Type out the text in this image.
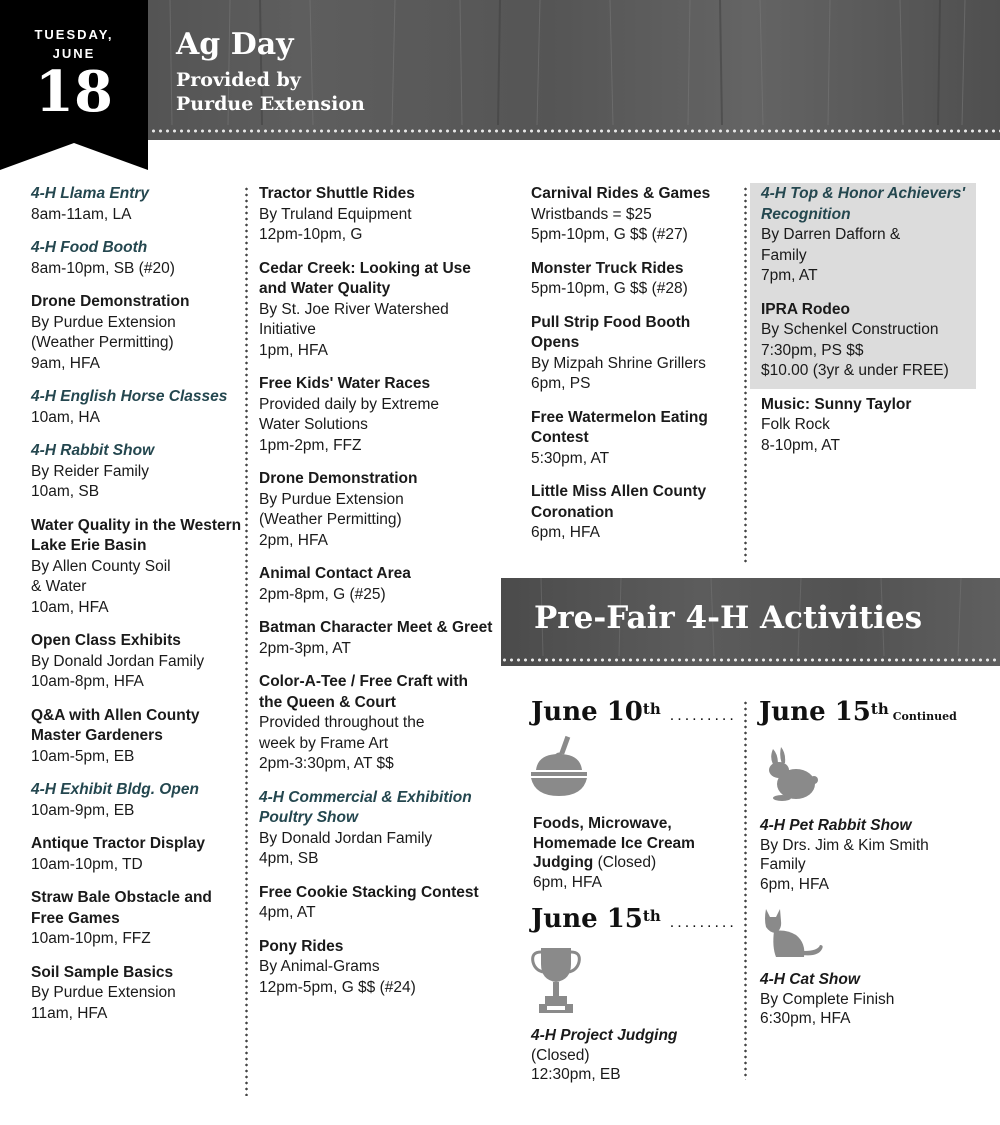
Ag Day
Provided by
Purdue Extension
TUESDAY,
JUNE
18
4-H Llama Entry
8am-11am, LA
4-H Food Booth
8am-10pm, SB (#20)
Drone Demonstration
By Purdue Extension
(Weather Permitting)
9am, HFA
4-H English Horse Classes
10am, HA
4-H Rabbit Show
By Reider Family
10am, SB
Water Quality in the Western Lake Erie Basin
By Allen County Soil
& Water
10am, HFA
Open Class Exhibits
By Donald Jordan Family
10am-8pm, HFA
Q&A with Allen County Master Gardeners
10am-5pm, EB
4-H Exhibit Bldg. Open
10am-9pm, EB
Antique Tractor Display
10am-10pm, TD
Straw Bale Obstacle and Free Games
10am-10pm, FFZ
Soil Sample Basics
By Purdue Extension
11am, HFA
Tractor Shuttle Rides
By Truland Equipment
12pm-10pm, G
Cedar Creek: Looking at Use and Water Quality
By St. Joe River Watershed
Initiative
1pm, HFA
Free Kids' Water Races
Provided daily by Extreme
Water Solutions
1pm-2pm, FFZ
Drone Demonstration
By Purdue Extension
(Weather Permitting)
2pm, HFA
Animal Contact Area
2pm-8pm, G (#25)
Batman Character Meet & Greet
2pm-3pm, AT
Color-A-Tee / Free Craft with the Queen & Court
Provided throughout the
week by Frame Art
2pm-3:30pm, AT $$
4-H Commercial & Exhibition Poultry Show
By Donald Jordan Family
4pm, SB
Free Cookie Stacking Contest
4pm, AT
Pony Rides
By Animal-Grams
12pm-5pm, G $$ (#24)
Carnival Rides & Games
Wristbands = $25
5pm-10pm, G $$ (#27)
Monster Truck Rides
5pm-10pm, G $$ (#28)
Pull Strip Food Booth Opens
By Mizpah Shrine Grillers
6pm, PS
Free Watermelon Eating Contest
5:30pm, AT
Little Miss Allen County Coronation
6pm, HFA
4-H Top & Honor Achievers' Recognition
By Darren Dafforn &
Family
7pm, AT
IPRA Rodeo
By Schenkel Construction
7:30pm, PS $$
$10.00 (3yr & under FREE)
Music: Sunny Taylor
Folk Rock
8-10pm, AT
Pre-Fair 4-H Activities
June 10th .........
Foods, Microwave,
Homemade Ice Cream
Judging (Closed)
6pm, HFA
June 15th .........
4-H Project Judging
(Closed)
12:30pm, EB
June 15th Continued
4-H Pet Rabbit Show
By Drs. Jim & Kim Smith
Family
6pm, HFA
4-H Cat Show
By Complete Finish
6:30pm, HFA
